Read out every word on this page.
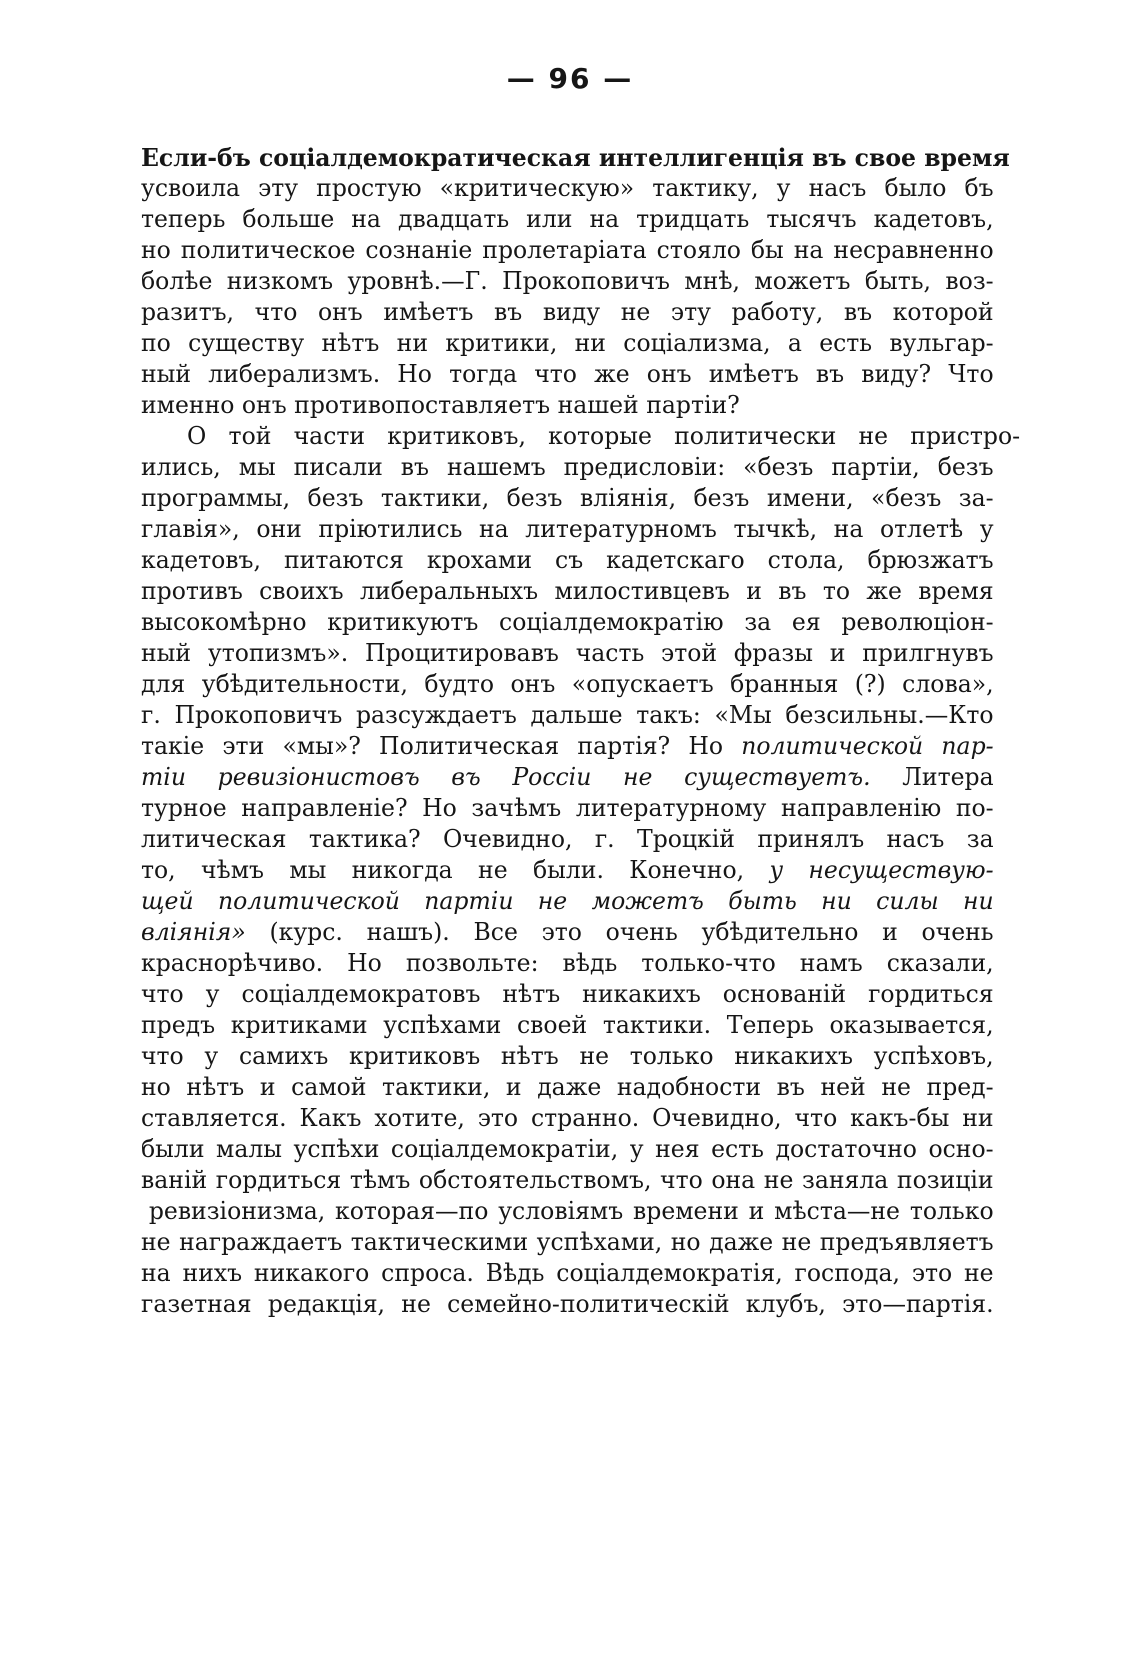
— 96 —
Если-бъ соціалдемократическая интеллигенція въ свое время
усвоила эту простую «критическую» тактику, у насъ было бъ
теперь больше на двадцать или на тридцать тысячъ кадетовъ,
но политическое сознаніе пролетаріата стояло бы на несравненно
болѣе низкомъ уровнѣ.—Г. Прокоповичъ мнѣ, можетъ быть, воз-
разитъ, что онъ имѣетъ въ виду не эту работу, въ которой
по существу нѣтъ ни критики, ни соціализма, а есть вульгар-
ный либерализмъ. Но тогда что же онъ имѣетъ въ виду? Что
именно онъ противопоставляетъ нашей партіи?
О той части критиковъ, которые политически не пристро-
ились, мы писали въ нашемъ предисловіи: «безъ партіи, безъ
программы, безъ тактики, безъ вліянія, безъ имени, «безъ за-
главія», они пріютились на литературномъ тычкѣ, на отлетѣ у
кадетовъ, питаются крохами съ кадетскаго стола, брюзжатъ
противъ своихъ либеральныхъ милостивцевъ и въ то же время
высокомѣрно критикуютъ соціалдемократію за ея революціон-
ный утопизмъ». Процитировавъ часть этой фразы и прилгнувъ
для убѣдительности, будто онъ «опускаетъ бранныя (?) слова»,
г. Прокоповичъ разсуждаетъ дальше такъ: «Мы безсильны.—Кто
такіе эти «мы»? Политическая партія? Но политической пар-
тіи ревизіонистовъ въ Россіи не существуетъ. Литера
турное направленіе? Но зачѣмъ литературному направленію по-
литическая тактика? Очевидно, г. Троцкій принялъ насъ за
то, чѣмъ мы никогда не были. Конечно, у несуществую-
щей политической партіи не можетъ быть ни силы ни
вліянія» (курс. нашъ). Все это очень убѣдительно и очень
краснорѣчиво. Но позвольте: вѣдь только-что намъ сказали,
что у соціалдемократовъ нѣтъ никакихъ основаній гордиться
предъ критиками успѣхами своей тактики. Теперь оказывается,
что у самихъ критиковъ нѣтъ не только никакихъ успѣховъ,
но нѣтъ и самой тактики, и даже надобности въ ней не пред-
ставляется. Какъ хотите, это странно. Очевидно, что какъ-бы ни
были малы успѣхи соціалдемократіи, у нея есть достаточно осно-
ваній гордиться тѣмъ обстоятельствомъ, что она не заняла позиціи
ревизіонизма, которая—по условіямъ времени и мѣста—не только
не награждаетъ тактическими успѣхами, но даже не предъявляетъ
на нихъ никакого спроса. Вѣдь соціалдемократія, господа, это не
газетная редакція, не семейно-политическій клубъ, это—партія.
